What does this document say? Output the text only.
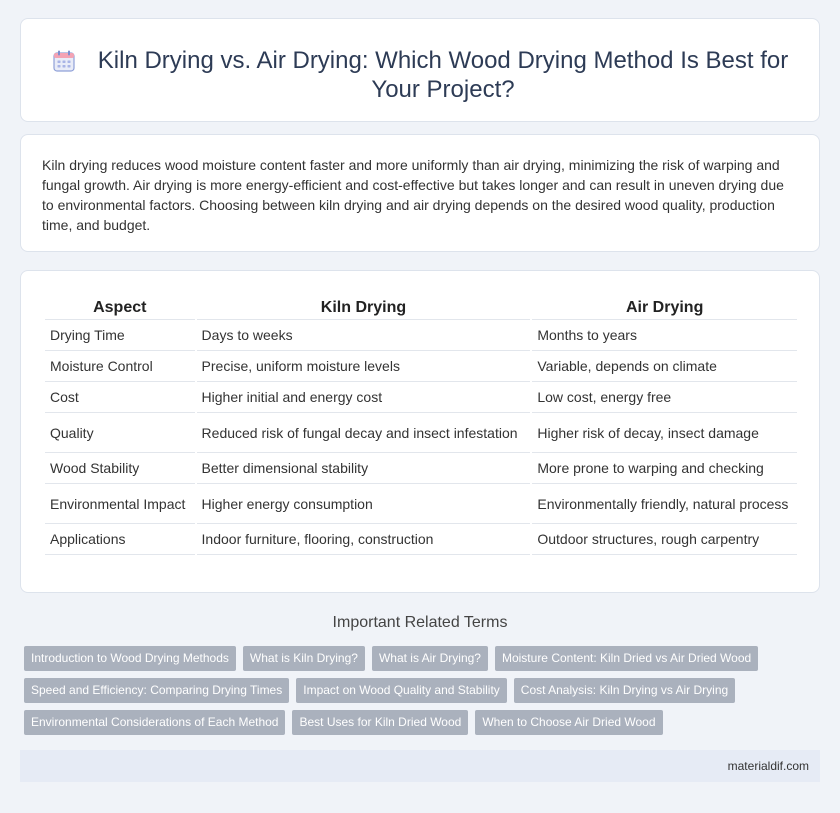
Kiln Drying vs. Air Drying: Which Wood Drying Method Is Best for Your Project?

Kiln drying reduces wood moisture content faster and more uniformly than air drying, minimizing the risk of warping and fungal growth. Air drying is more energy-efficient and cost-effective but takes longer and can result in uneven drying due to environmental factors. Choosing between kiln drying and air drying depends on the desired wood quality, production time, and budget.

Aspect	Kiln Drying	Air Drying
Drying Time	Days to weeks	Months to years
Moisture Control	Precise, uniform moisture levels	Variable, depends on climate
Cost	Higher initial and energy cost	Low cost, energy free
Quality	Reduced risk of fungal decay and insect infestation	Higher risk of decay, insect damage
Wood Stability	Better dimensional stability	More prone to warping and checking
Environmental Impact	Higher energy consumption	Environmentally friendly, natural process
Applications	Indoor furniture, flooring, construction	Outdoor structures, rough carpentry
Important Related Terms
Introduction to Wood Drying Methods	What is Kiln Drying?	What is Air Drying?	Moisture Content: Kiln Dried vs Air Dried Wood
Speed and Efficiency: Comparing Drying Times	Impact on Wood Quality and Stability	Cost Analysis: Kiln Drying vs Air Drying
Environmental Considerations of Each Method	Best Uses for Kiln Dried Wood	When to Choose Air Dried Wood
materialdif.com
